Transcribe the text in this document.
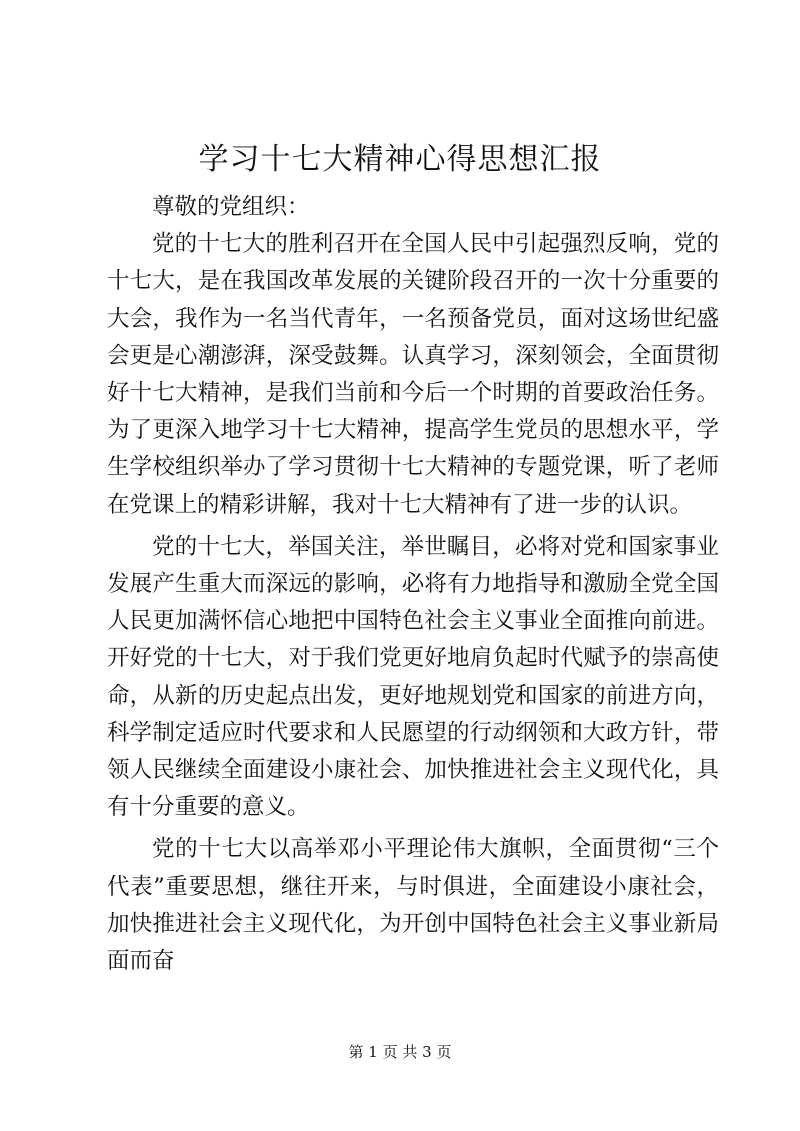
学习十七大精神心得思想汇报

尊敬的党组织：

党的十七大的胜利召开在全国人民中引起强烈反响，党的十七大，是在我国改革发展的关键阶段召开的一次十分重要的大会，我作为一名当代青年，一名预备党员，面对这场世纪盛会更是心潮澎湃，深受鼓舞。认真学习，深刻领会，全面贯彻好十七大精神，是我们当前和今后一个时期的首要政治任务。为了更深入地学习十七大精神，提高学生党员的思想水平，学生学校组织举办了学习贯彻十七大精神的专题党课，听了老师在党课上的精彩讲解，我对十七大精神有了进一步的认识。

党的十七大，举国关注，举世瞩目，必将对党和国家事业发展产生重大而深远的影响，必将有力地指导和激励全党全国人民更加满怀信心地把中国特色社会主义事业全面推向前进。开好党的十七大，对于我们党更好地肩负起时代赋予的崇高使命，从新的历史起点出发，更好地规划党和国家的前进方向，科学制定适应时代要求和人民愿望的行动纲领和大政方针，带领人民继续全面建设小康社会、加快推进社会主义现代化，具有十分重要的意义。

党的十七大以高举邓小平理论伟大旗帜，全面贯彻“三个代表”重要思想，继往开来，与时俱进，全面建设小康社会，加快推进社会主义现代化，为开创中国特色社会主义事业新局面而奋

第 1 页 共 3 页
